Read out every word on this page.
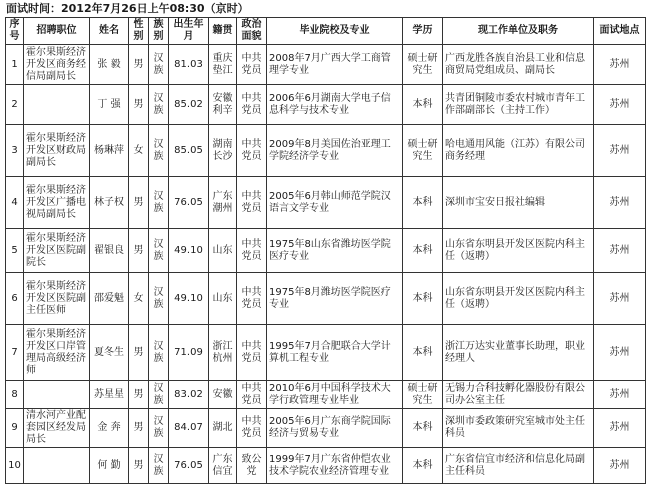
面试时间：2012年7月26日上午08:30（京时）
序号	招聘职位	姓名	性别	族别	出生年月	籍贯	政治面貌	毕业院校及专业	学历	现工作单位及职务	面试地点
1	霍尔果斯经济开发区商务经信局副局长	张 毅	男	汉族	81.03	重庆垫江	中共党员	2008年7月广西大学工商管理学专业	硕士研究生	广西龙胜各族自治县工业和信息商贸局党组成员、副局长	苏州
2		丁 强	男	汉族	85.02	安徽利辛	中共党员	2006年6月湖南大学电子信息科学与技术专业	本科	共青团铜陵市委农村城市青年工作部副部长（主持工作）	苏州
3	霍尔果斯经济开发区财政局副局长	杨琳萍	女	汉族	85.05	湖南长沙	中共党员	2009年8月美国佐治亚理工学院经济学专业	硕士研究生	哈电通用风能（江苏）有限公司商务经理	苏州
4	霍尔果斯经济开发区广播电视局副局长	林子权	男	汉族	76.05	广东潮州	中共党员	2005年6月韩山师范学院汉语言文学专业	本科	深圳市宝安日报社编辑	苏州
5	霍尔果斯经济开发区医院副院长	翟银良	男	汉族	49.10	山东	中共党员	1975年8山东省潍坊医学院医疗专业	本科	山东省东明县开发区医院内科主任（返聘）	苏州
6	霍尔果斯经济开发区医院副主任医师	邵爱魁	女	汉族	49.10	山东	中共党员	1975年8月潍坊医学院医疗专业	本科	山东省东明县开发区医院内科主任（返聘）	苏州
7	霍尔果斯经济开发区口岸管理局高级经济师	夏冬生	男	汉族	71.09	浙江杭州	中共党员	1995年7月合肥联合大学计算机工程专业	本科	浙江万达实业董事长助理，职业经理人	苏州
8		苏星星	男	汉族	83.02	安徽	中共党员	2010年6月中国科学技术大学行政管理专业毕业	硕士研究生	无锡力合科技孵化器股份有限公司办公室主任	苏州
9	清水河产业配套园区经发局局长	金 奔	男	汉族	84.07	湖北	中共党员	2005年6月广东商学院国际经济与贸易专业	本科	深圳市委政策研究室城市处主任科员	苏州
10		何 勤	男	汉族	76.05	广东信宜	致公党	1999年7月广东省仲恺农业技术学院农业经济管理专业	本科	广东省信宜市经济和信息化局副主任科员	苏州
